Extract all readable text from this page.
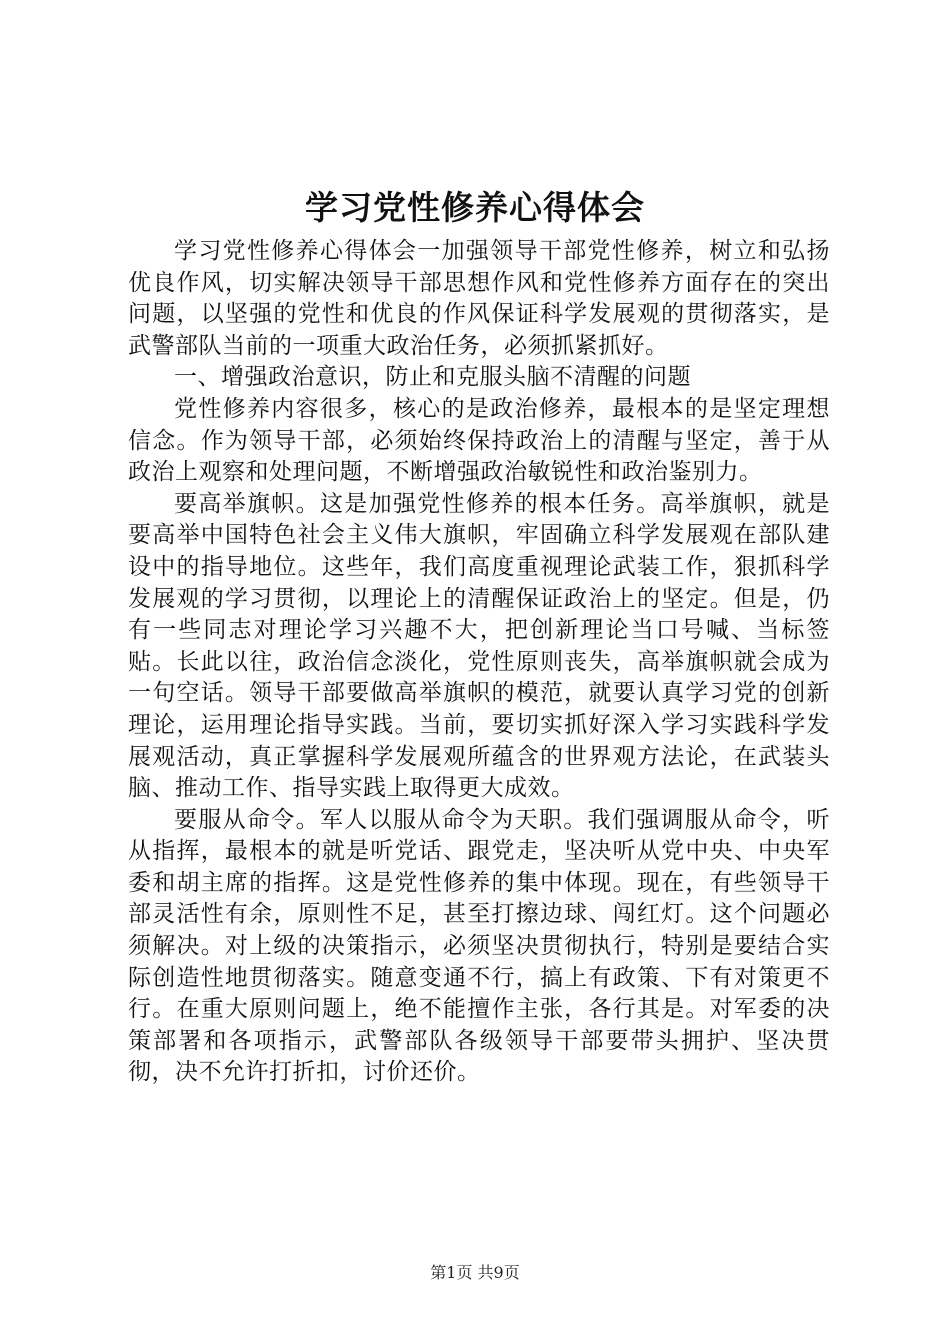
学习党性修养心得体会

学习党性修养心得体会一加强领导干部党性修养，树立和弘扬优良作风，切实解决领导干部思想作风和党性修养方面存在的突出问题，以坚强的党性和优良的作风保证科学发展观的贯彻落实，是武警部队当前的一项重大政治任务，必须抓紧抓好。

一、增强政治意识，防止和克服头脑不清醒的问题

党性修养内容很多，核心的是政治修养，最根本的是坚定理想信念。作为领导干部，必须始终保持政治上的清醒与坚定，善于从政治上观察和处理问题，不断增强政治敏锐性和政治鉴别力。

要高举旗帜。这是加强党性修养的根本任务。高举旗帜，就是要高举中国特色社会主义伟大旗帜，牢固确立科学发展观在部队建设中的指导地位。这些年，我们高度重视理论武装工作，狠抓科学发展观的学习贯彻，以理论上的清醒保证政治上的坚定。但是，仍有一些同志对理论学习兴趣不大，把创新理论当口号喊、当标签贴。长此以往，政治信念淡化，党性原则丧失，高举旗帜就会成为一句空话。领导干部要做高举旗帜的模范，就要认真学习党的创新理论，运用理论指导实践。当前，要切实抓好深入学习实践科学发展观活动，真正掌握科学发展观所蕴含的世界观方法论，在武装头脑、推动工作、指导实践上取得更大成效。

要服从命令。军人以服从命令为天职。我们强调服从命令，听从指挥，最根本的就是听党话、跟党走，坚决听从党中央、中央军委和胡主席的指挥。这是党性修养的集中体现。现在，有些领导干部灵活性有余，原则性不足，甚至打擦边球、闯红灯。这个问题必须解决。对上级的决策指示，必须坚决贯彻执行，特别是要结合实际创造性地贯彻落实。随意变通不行，搞上有政策、下有对策更不行。在重大原则问题上，绝不能擅作主张，各行其是。对军委的决策部署和各项指示，武警部队各级领导干部要带头拥护、坚决贯彻，决不允许打折扣，讨价还价。

第1页 共9页
